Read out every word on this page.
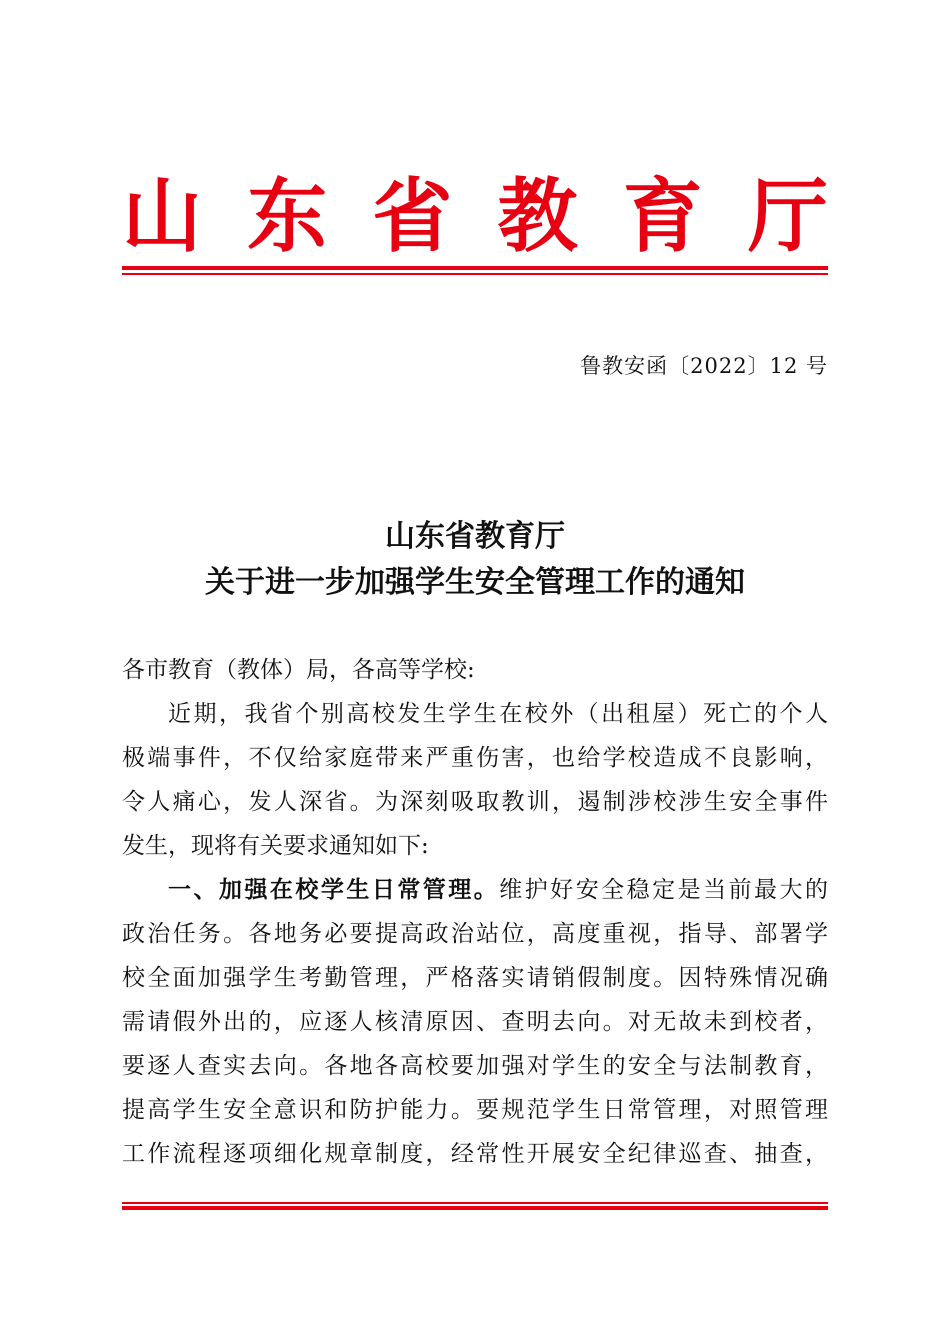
山 东 省 教 育 厅
鲁教安函〔2022〕12 号
山东省教育厅
关于进一步加强学生安全管理工作的通知

各市教育（教体）局，各高等学校:

近期，我省个别高校发生学生在校外（出租屋）死亡的个人

极端事件，不仅给家庭带来严重伤害，也给学校造成不良影响，

令人痛心，发人深省。为深刻吸取教训，遏制涉校涉生安全事件

发生，现将有关要求通知如下:

一、加强在校学生日常管理。维护好安全稳定是当前最大的

政治任务。各地务必要提高政治站位，高度重视，指导、部署学

校全面加强学生考勤管理，严格落实请销假制度。因特殊情况确

需请假外出的，应逐人核清原因、查明去向。对无故未到校者，

要逐人查实去向。各地各高校要加强对学生的安全与法制教育，

提高学生安全意识和防护能力。要规范学生日常管理，对照管理

工作流程逐项细化规章制度，经常性开展安全纪律巡查、抽查，
